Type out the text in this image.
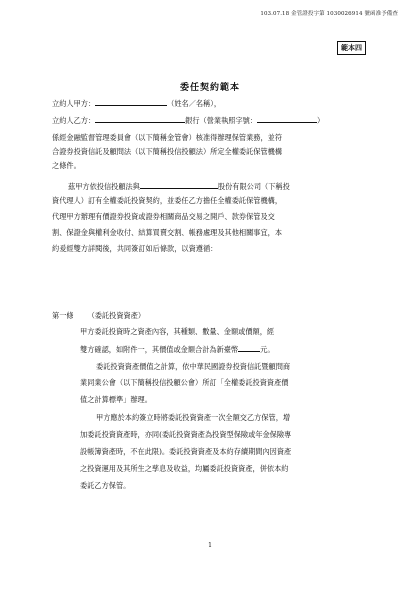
103.07.18 金管證投字第 1030026914 號函准予備查
範本四
委任契約範本
立約人甲方：	（姓名／名稱），
立約人乙方：	銀行（營業執照字號：	）
係經金融監督管理委員會（以下簡稱金管會）核准得辦理保管業務，並符
合證券投資信託及顧問法（以下簡稱投信投顧法）所定全權委託保管機構
之條件。
茲甲方依投信投顧法與	股份有限公司（下稱投
資代理人）訂有全權委託投資契約，並委任乙方擔任全權委託保管機構，
代理甲方辦理有價證券投資或證券相關商品交易之開戶、款券保管及交
割、保證金與權利金收付、結算買賣交割、帳務處理及其他相關事宜，本
約爰經雙方詳閱後，共同簽訂如后條款，以資遵循：
第一條 （委託投資資產）
甲方委託投資時之資產內容，其種類、數量、金額或價額，經
雙方確認，如附件一，其價值或金額合計為新臺幣	元。
委託投資資產價值之計算，依中華民國證券投資信託暨顧問商
業同業公會（以下簡稱投信投顧公會）所訂「全權委託投資資產價
值之計算標準」辦理。
甲方應於本約簽立時將委託投資資產一次全額交乙方保管，增
加委託投資資產時，亦同(委託投資資產為投資型保險或年金保險專
設帳簿資產時，不在此限)。委託投資資產及本約存續期間內因資產
之投資運用及其所生之孳息及收益，均屬委託投資資產，併依本約
委託乙方保管。
1
